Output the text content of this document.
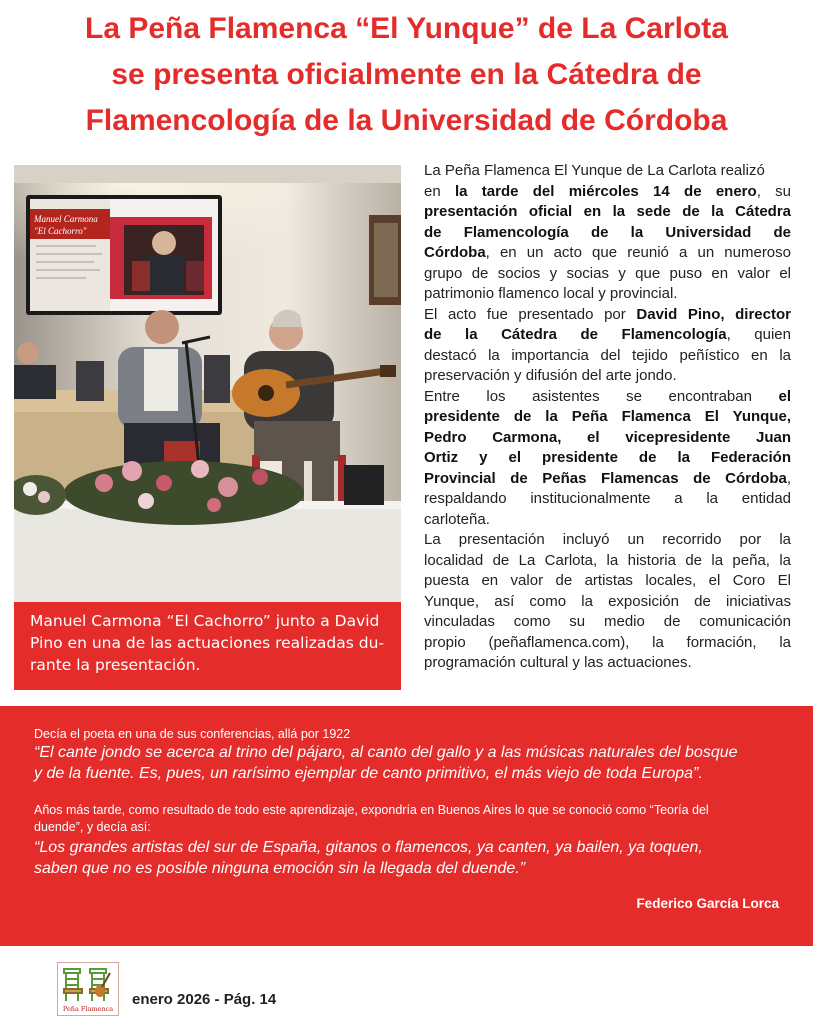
La Peña Flamenca “El Yunque” de La Carlota
se presenta oficialmente en la Cátedra de
Flamencología de la Universidad de Córdoba
Manuel Carmona
"El Cachorro"
Manuel Carmona “El Cachorro” junto a David
Pino en una de las actuaciones realizadas du-
rante la presentación.
La Peña Flamenca El Yunque de La Carlota realizó
en la tarde del miércoles 14 de enero, su
presentación oficial en la sede de la Cátedra
de Flamencología de la Universidad de
Córdoba, en un acto que reunió a un numeroso
grupo de socios y socias y que puso en valor el
patrimonio flamenco local y provincial.
El acto fue presentado por David Pino, director
de la Cátedra de Flamencología, quien
destacó la importancia del tejido peñístico en la
preservación y difusión del arte jondo.
Entre los asistentes se encontraban el
presidente de la Peña Flamenca El Yunque,
Pedro Carmona, el vicepresidente Juan
Ortiz y el presidente de la Federación
Provincial de Peñas Flamencas de Córdoba,
respaldando institucionalmente a la entidad
carloteña.
La presentación incluyó un recorrido por la
localidad de La Carlota, la historia de la peña, la
puesta en valor de artistas locales, el Coro El
Yunque, así como la exposición de iniciativas
vinculadas como su medio de comunicación
propio (peñaflamenca.com), la formación, la
programación cultural y las actuaciones.

Decía el poeta en una de sus conferencias, allá por 1922

“El cante jondo se acerca al trino del pájaro, al canto del gallo y a las músicas naturales del bosque
y de la fuente. Es, pues, un rarísimo ejemplar de canto primitivo, el más viejo de toda Europa”.

Años más tarde, como resultado de todo este aprendizaje, expondría en Buenos Aires lo que se conoció como “Teoría del
duende”, y decía así:

“Los grandes artistas del sur de España, gitanos o flamencos, ya canten, ya bailen, ya toquen,
saben que no es posible ninguna emoción sin la llegada del duende.”

Federico García Lorca

Peña Flamenca

enero 2026 - Pág. 14
